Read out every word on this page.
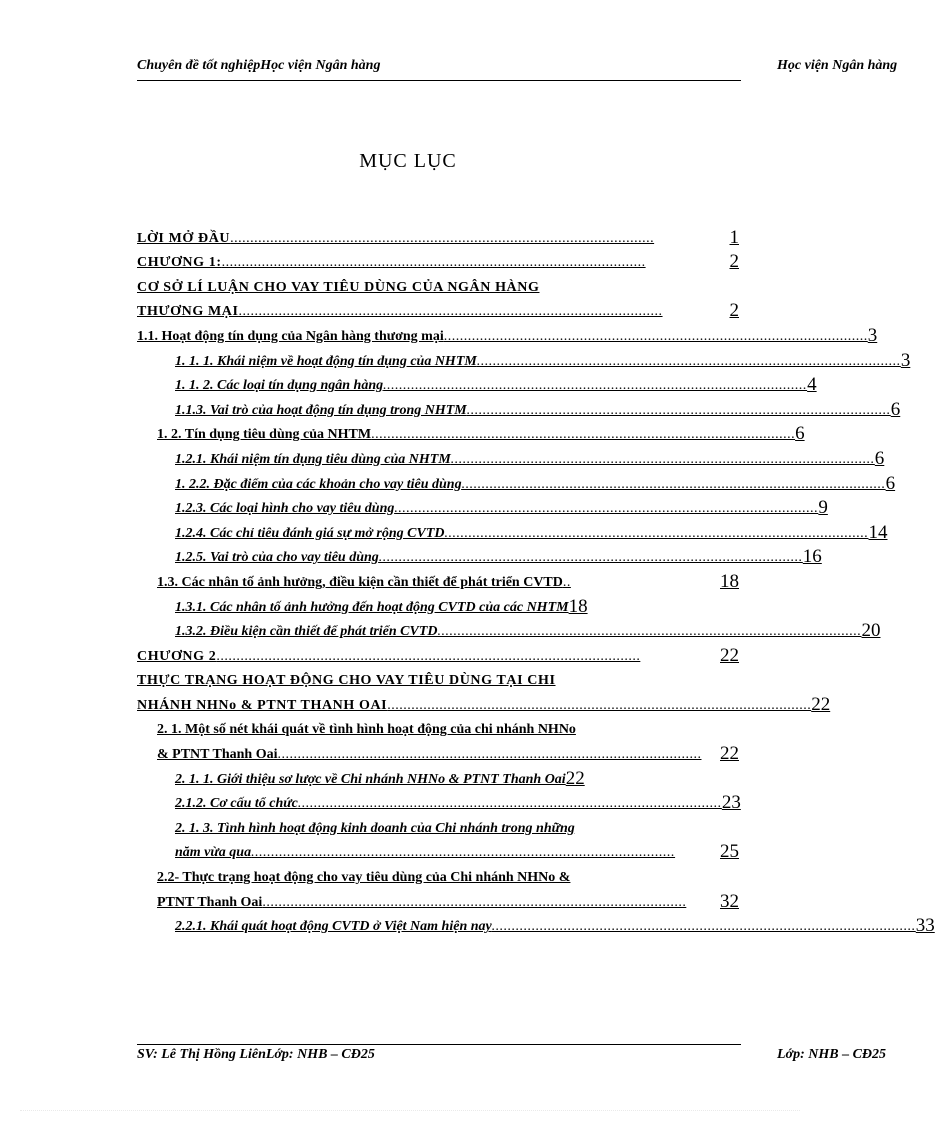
Chuyên đề tốt nghiệpHọc viện Ngân hàng	Học viện Ngân hàng
MỤC LỤC
LỜI MỞ ĐẦU ..........................................................................................................	1
CHƯƠNG 1: ..........................................................................................................	2
CƠ SỞ LÍ LUẬN CHO VAY TIÊU DÙNG CỦA NGÂN HÀNG
THƯƠNG MẠI ..........................................................................................................	2
1.1. Hoạt động tín dụng của Ngân hàng thương mại .......................................................................................................... 3
1. 1. 1. Khái niệm về hoạt động tín dụng của NHTM .......................................................................................................... 3
1. 1. 2. Các loại tín dụng ngân hàng .......................................................................................................... 4
1.1.3. Vai trò của hoạt động tín dụng trong NHTM .......................................................................................................... 6
1. 2. Tín dụng tiêu dùng của NHTM .......................................................................................................... 6
1.2.1. Khái niệm tín dụng tiêu dùng của NHTM .......................................................................................................... 6
1. 2.2. Đặc điểm của các khoản cho vay tiêu dùng .......................................................................................................... 6
1.2.3. Các loại hình cho vay tiêu dùng .......................................................................................................... 9
1.2.4. Các chỉ tiêu đánh giá sự mở rộng CVTD .......................................................................................................... 14
1.2.5. Vai trò của cho vay tiêu dùng .......................................................................................................... 16
1.3. Các nhân tố ảnh hưởng, điều kiện cần thiết để phát triển CVTD ..	18
1.3.1. Các nhân tố ảnh hưởng đến hoạt động CVTD của các NHTM 18
1.3.2. Điều kiện cần thiết để phát triển CVTD .......................................................................................................... 20
CHƯƠNG 2 ..........................................................................................................	22
THỰC TRẠNG HOẠT ĐỘNG CHO VAY TIÊU DÙNG TẠI CHI
NHÁNH NHNo & PTNT THANH OAI .......................................................................................................... 22
2. 1. Một số nét khái quát về tình hình hoạt động của chi nhánh NHNo
& PTNT Thanh Oai .......................................................................................................... 22
2. 1. 1. Giới thiệu sơ lược về Chi nhánh NHNo & PTNT Thanh Oai 22
2.1.2. Cơ cấu tổ chức .......................................................................................................... 23
2. 1. 3. Tình hình hoạt động kinh doanh của Chi nhánh trong những
năm vừa qua ..........................................................................................................	25
2.2- Thực trạng hoạt động cho vay tiêu dùng của Chi nhánh NHNo &
PTNT Thanh Oai ..........................................................................................................	32
2.2.1. Khái quát hoạt động CVTD ở Việt Nam hiện nay .......................................................................................................... 33
SV: Lê Thị Hồng LiênLớp: NHB – CĐ25	Lớp: NHB – CĐ25
